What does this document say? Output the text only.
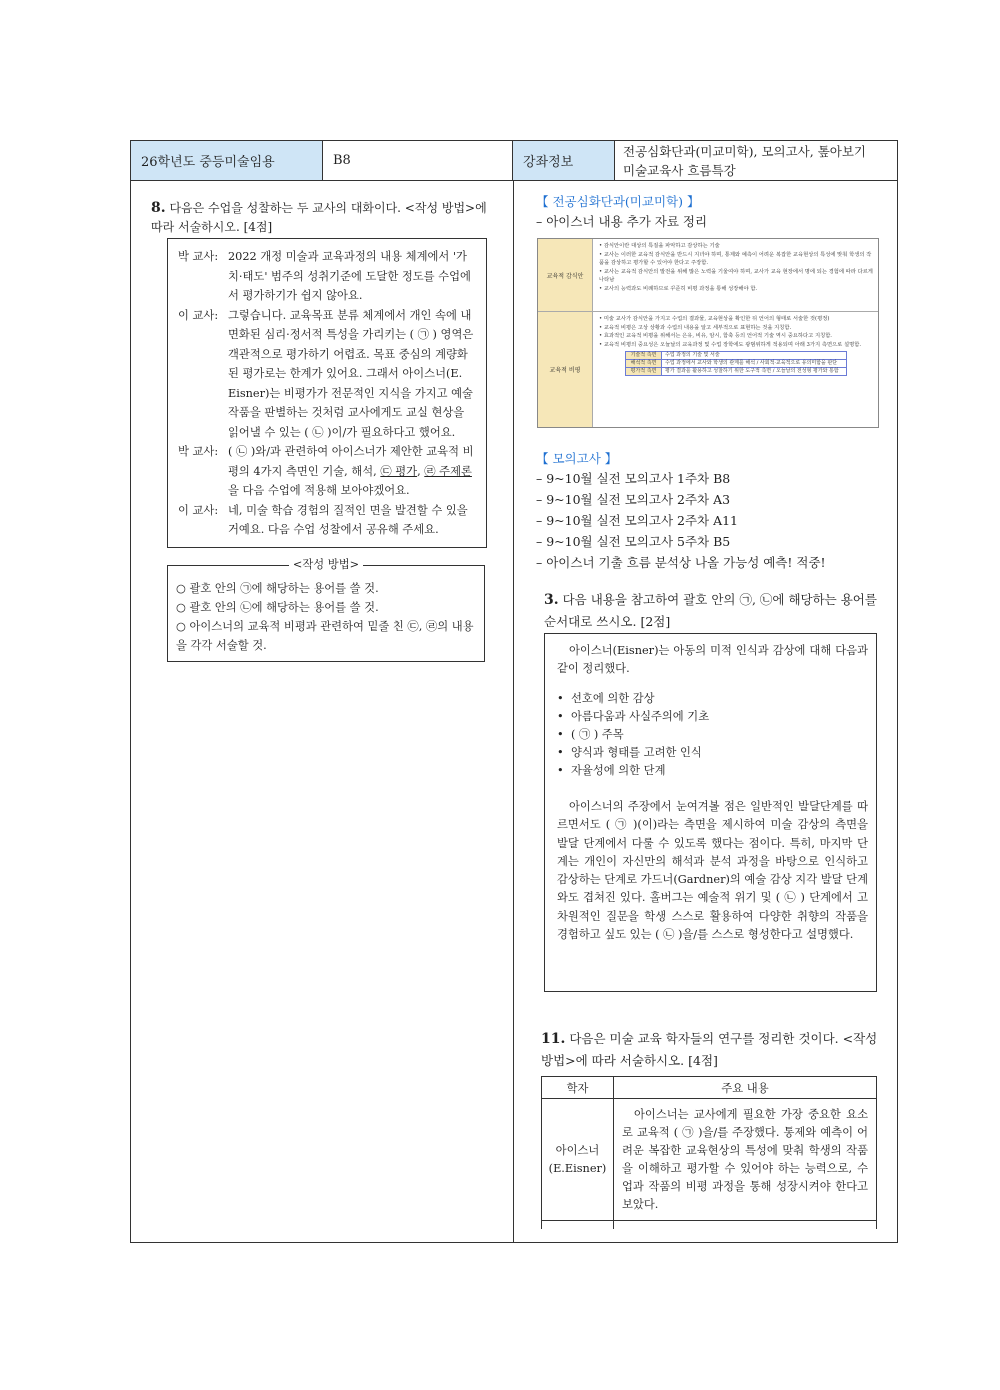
26학년도 중등미술임용	B8	강좌정보
전공심화단과(미교미학), 모의고사, 톺아보기
미술교육사 흐름특강
8. 다음은 수업을 성찰하는 두 교사의 대화이다. <작성 방법>에 따라 서술하시오. [4점]
박 교사: 2022 개정 미술과 교육과정의 내용 체계에서 '가치·태도' 범주의 성취기준에 도달한 정도를 수업에서 평가하기가 쉽지 않아요.
이 교사: 그렇습니다. 교육목표 분류 체계에서 개인 속에 내면화된 심리·정서적 특성을 가리키는 ( ㉠ ) 영역은 객관적으로 평가하기 어렵죠. 목표 중심의 계량화된 평가로는 한계가 있어요. 그래서 아이스너(E. Eisner)는 비평가가 전문적인 지식을 가지고 예술 작품을 판별하는 것처럼 교사에게도 교실 현상을 읽어낼 수 있는 ( ㉡ )이/가 필요하다고 했어요.
박 교사: ( ㉡ )와/과 관련하여 아이스너가 제안한 교육적 비평의 4가지 측면인 기술, 해석, ㉢ 평가, ㉣ 주제론을 다음 수업에 적용해 보아야겠어요.
이 교사: 네, 미술 학습 경험의 질적인 면을 발견할 수 있을 거예요. 다음 수업 성찰에서 공유해 주세요.
<작성 방법>
○ 괄호 안의 ㉠에 해당하는 용어를 쓸 것.
○ 괄호 안의 ㉡에 해당하는 용어를 쓸 것.
○ 아이스너의 교육적 비평과 관련하여 밑줄 친 ㉢, ㉣의 내용을 각각 서술할 것.
【 전공심화단과(미교미학) 】
– 아이스너 내용 추가 자료 정리
교육적 감식안

• 감식안이란 대상의 특질을 파악하고 감상하는 기술

• 교사는 이러한 교육적 감식안을 반드시 지녀야 하며, 통제와 예측이 어려운 복잡한 교육현상의 특성에 맞춰 학생의 작품을 감상하고 평가할 수 있어야 한다고 주장함.

• 교사는 교육적 감식안의 발전을 위해 많은 노력을 기울여야 하며, 교사가 교육 현장에서 명에 되는 경험에 따라 다르게 나타남

• 교사의 능력과도 비례하므로 꾸준히 비평 과정을 통해 성장해야 함.

교육적 비평

• 미술 교사가 감식안을 가지고 수업의 결과물, 교육현상을 확인한 뒤 언어의 형태로 서술한 것(평정)

• 교육적 비평은 고상 상황과 수업의 내용을 알고 세부적으로 표현하는 것을 지칭함.

• 효과적인 교육적 비평을 위해서는 은유, 비유, 암시, 함축 등의 언어적 기술 역시 중요하다고 지칭함.

• 교육적 비평의 중요성은 오늘날의 교육과정 및 수업 장학에도 광범위하게 적용되며 아래 3가지 측면으로 설명함.

기술적 측면	수업 과정의 기술 및 서술
해석적 측면	수업 과정에서 교사와 학생의 관계를 해석 / 사회적·교육적으로 유의미함을 판단
평가적 측면	평가 결과를 활용하고 성찰하기 위한 도구적 측면 / 오늘날의 전성형 평가와 통함
【 모의고사 】
– 9~10월 실전 모의고사 1주차 B8
– 9~10월 실전 모의고사 2주차 A3
– 9~10월 실전 모의고사 2주차 A11
– 9~10월 실전 모의고사 5주차 B5
– 아이스너 기출 흐름 분석상 나올 가능성 예측! 적중!
3. 다음 내용을 참고하여 괄호 안의 ㉠, ㉡에 해당하는 용어를 순서대로 쓰시오. [2점]
아이스너(Eisner)는 아동의 미적 인식과 감상에 대해 다음과 같이 정리했다.
• 선호에 의한 감상
• 아름다움과 사실주의에 기초
• ( ㉠ ) 주목
• 양식과 형태를 고려한 인식
• 자율성에 의한 단계
아이스너의 주장에서 눈여겨볼 점은 일반적인 발달단계를 따르면서도 ( ㉠ )(이)라는 측면을 제시하여 미술 감상의 측면을 발달 단계에서 다룰 수 있도록 했다는 점이다. 특히, 마지막 단계는 개인이 자신만의 해석과 분석 과정을 바탕으로 인식하고 감상하는 단계로 가드너(Gardner)의 예술 감상 지각 발달 단계와도 겹쳐진 있다. 홀버그는 예술적 위기 및 ( ㉡ ) 단계에서 고차원적인 질문을 학생 스스로 활용하여 다양한 취향의 작품을 경험하고 싶도 있는 ( ㉡ )을/를 스스로 형성한다고 설명했다.
11. 다음은 미술 교육 학자들의 연구를 정리한 것이다. <작성 방법>에 따라 서술하시오. [4점]
학자	주요 내용

아이스너
(E.Eisner)	아이스너는 교사에게 필요한 가장 중요한 요소로 교육적 ( ㉠ )을/를 주장했다. 통제와 예측이 어려운 복잡한 교육현상의 특성에 맞춰 학생의 작품을 이해하고 평가할 수 있어야 하는 능력으로, 수업과 작품의 비평 과정을 통해 성장시켜야 한다고 보았다.
